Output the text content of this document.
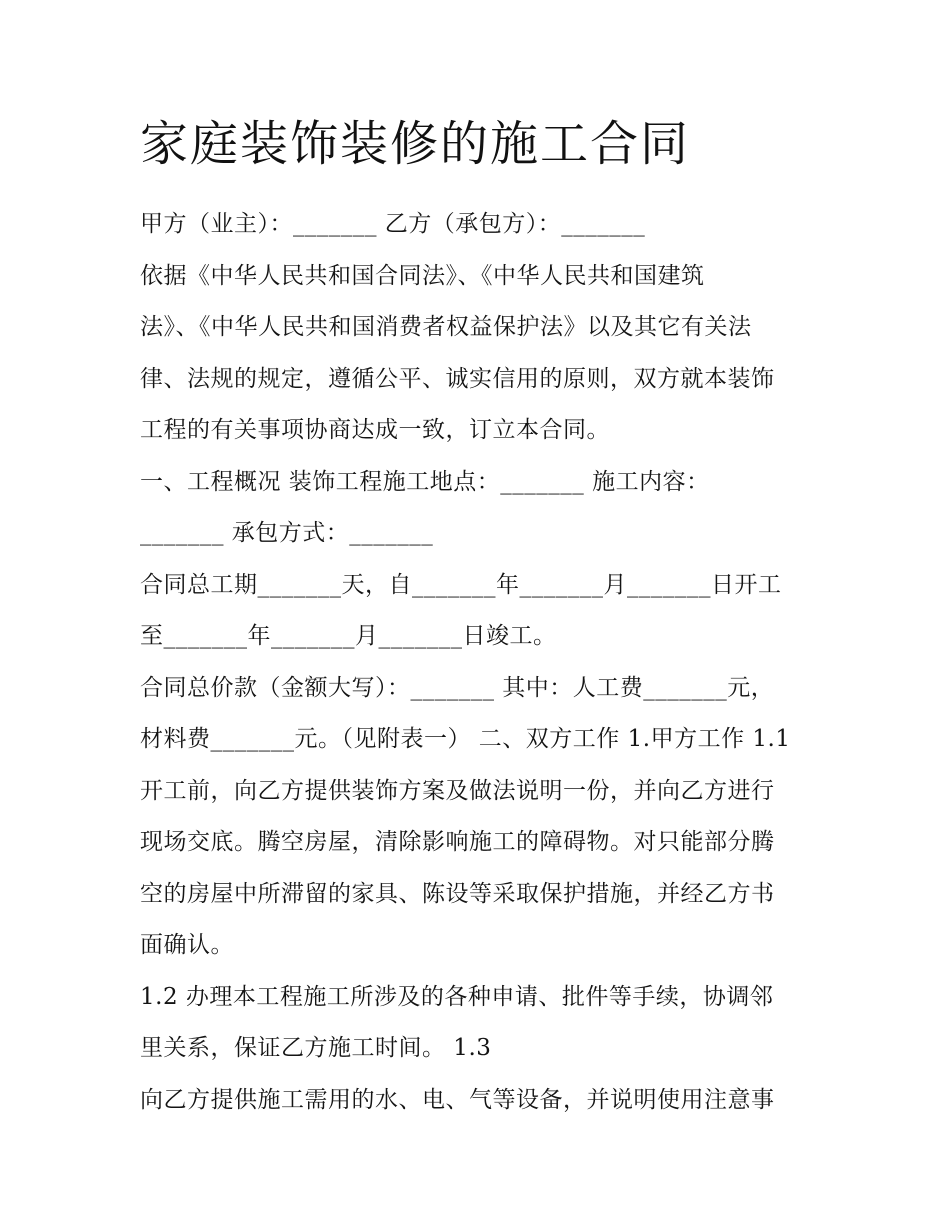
家庭装饰装修的施工合同
甲方（业主）：_______ 乙方（承包方）：_______
依据《中华人民共和国合同法》、《中华人民共和国建筑
法》、《中华人民共和国消费者权益保护法》以及其它有关法
律、法规的规定，遵循公平、诚实信用的原则，双方就本装饰
工程的有关事项协商达成一致，订立本合同。
一、工程概况 装饰工程施工地点：_______ 施工内容：
_______ 承包方式：_______
合同总工期_______天，自_______年_______月_______日开工
至_______年_______月_______日竣工。
合同总价款（金额大写）：_______ 其中：人工费_______元，
材料费_______元。（见附表一） 二、双方工作 1.甲方工作 1.1
开工前，向乙方提供装饰方案及做法说明一份，并向乙方进行
现场交底。腾空房屋，清除影响施工的障碍物。对只能部分腾
空的房屋中所滞留的家具、陈设等采取保护措施，并经乙方书
面确认。
1.2 办理本工程施工所涉及的各种申请、批件等手续，协调邻
里关系，保证乙方施工时间。 1.3
向乙方提供施工需用的水、电、气等设备，并说明使用注意事
